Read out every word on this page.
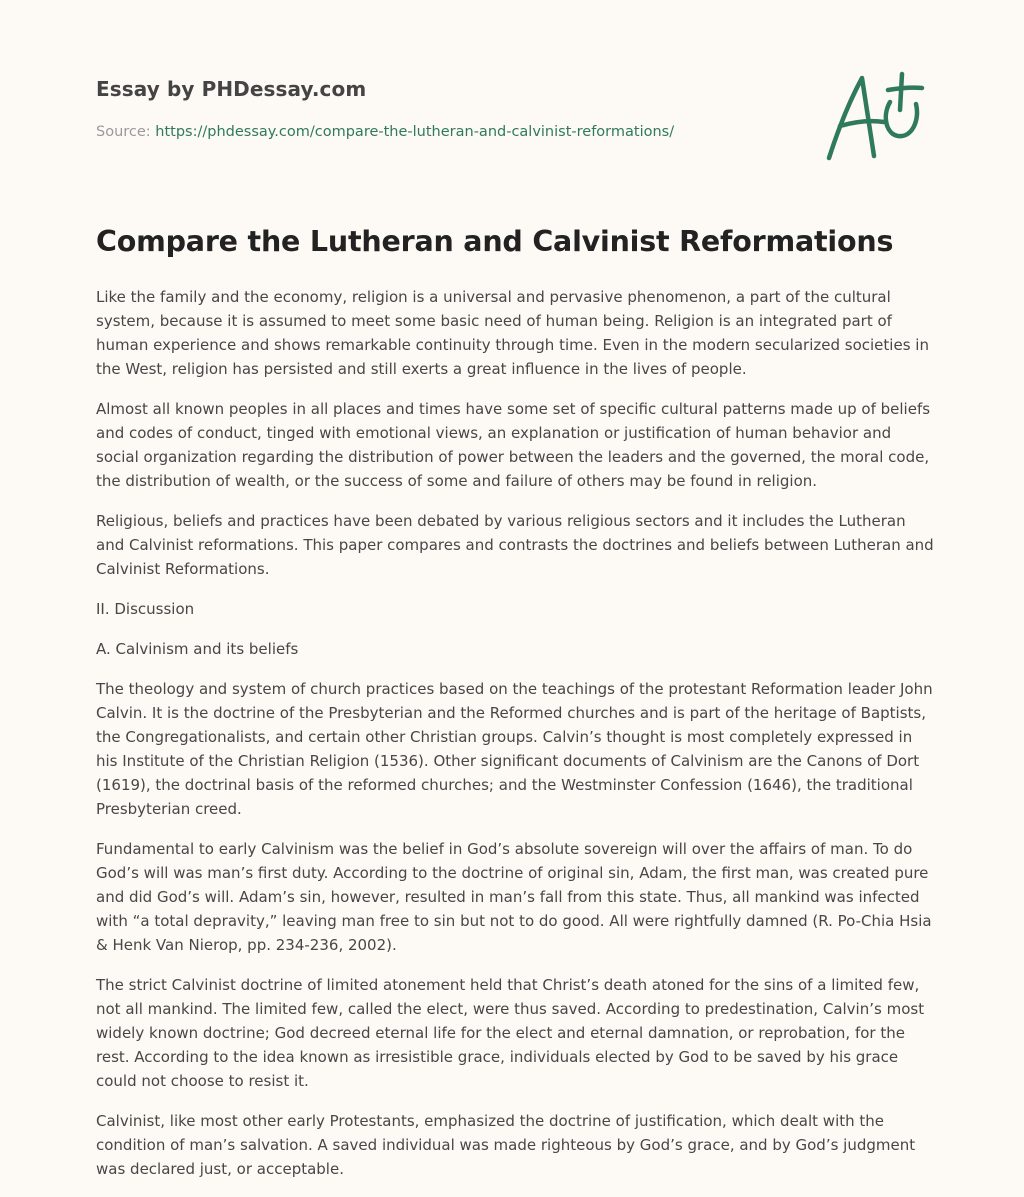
Essay by PHDessay.com
Source: https://phdessay.com/compare-the-lutheran-and-calvinist-reformations/
Compare the Lutheran and Calvinist Reformations

Like the family and the economy, religion is a universal and pervasive phenomenon, a part of the cultural system, because it is assumed to meet some basic need of human being. Religion is an integrated part of human experience and shows remarkable continuity through time. Even in the modern secularized societies in the West, religion has persisted and still exerts a great influence in the lives of people.

Almost all known peoples in all places and times have some set of specific cultural patterns made up of beliefs and codes of conduct, tinged with emotional views, an explanation or justification of human behavior and social organization regarding the distribution of power between the leaders and the governed, the moral code, the distribution of wealth, or the success of some and failure of others may be found in religion.

Religious, beliefs and practices have been debated by various religious sectors and it includes the Lutheran and Calvinist reformations. This paper compares and contrasts the doctrines and beliefs between Lutheran and Calvinist Reformations.

II. Discussion

A. Calvinism and its beliefs

The theology and system of church practices based on the teachings of the protestant Reformation leader John Calvin. It is the doctrine of the Presbyterian and the Reformed churches and is part of the heritage of Baptists, the Congregationalists, and certain other Christian groups. Calvin’s thought is most completely expressed in his Institute of the Christian Religion (1536). Other significant documents of Calvinism are the Canons of Dort (1619), the doctrinal basis of the reformed churches; and the Westminster Confession (1646), the traditional Presbyterian creed.

Fundamental to early Calvinism was the belief in God’s absolute sovereign will over the affairs of man. To do God’s will was man’s first duty. According to the doctrine of original sin, Adam, the first man, was created pure and did God’s will. Adam’s sin, however, resulted in man’s fall from this state. Thus, all mankind was infected with “a total depravity,” leaving man free to sin but not to do good. All were rightfully damned (R. Po-Chia Hsia & Henk Van Nierop, pp. 234-236, 2002).

The strict Calvinist doctrine of limited atonement held that Christ’s death atoned for the sins of a limited few, not all mankind. The limited few, called the elect, were thus saved. According to predestination, Calvin’s most widely known doctrine; God decreed eternal life for the elect and eternal damnation, or reprobation, for the rest. According to the idea known as irresistible grace, individuals elected by God to be saved by his grace could not choose to resist it.

Calvinist, like most other early Protestants, emphasized the doctrine of justification, which dealt with the condition of man’s salvation. A saved individual was made righteous by God’s grace, and by God’s judgment was declared just, or acceptable.
